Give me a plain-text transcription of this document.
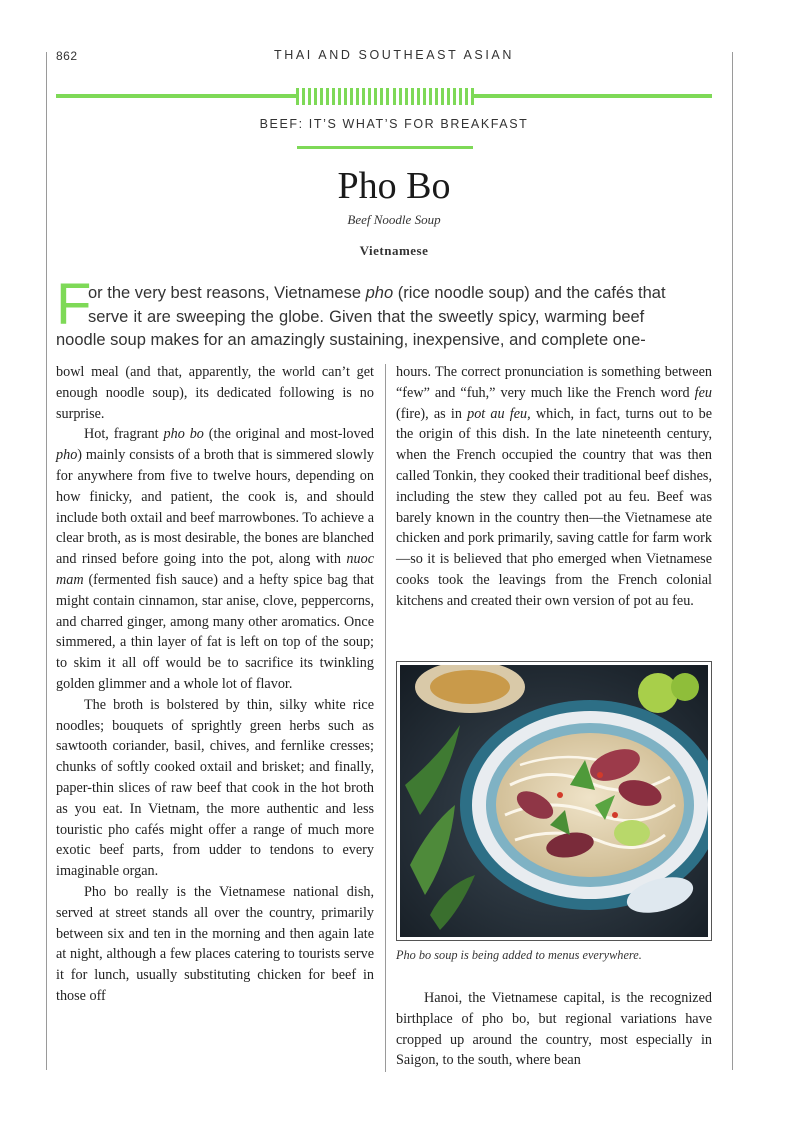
862	THAI AND SOUTHEAST ASIAN
BEEF: IT’S WHAT’S FOR BREAKFAST
Pho Bo
Beef Noodle Soup
Vietnamese
F
or the very best reasons, Vietnamese pho (rice noodle soup) and the cafés that
serve it are sweeping the globe. Given that the sweetly spicy, warming beef
noodle soup makes for an amazingly sustaining, inexpensive, and complete one-

bowl meal (and that, apparently, the world can’t get enough noodle soup), its dedicated following is no surprise.

Hot, fragrant pho bo (the original and most-loved pho) mainly consists of a broth that is simmered slowly for anywhere from five to twelve hours, depending on how finicky, and patient, the cook is, and should include both oxtail and beef marrowbones. To achieve a clear broth, as is most desirable, the bones are blanched and rinsed before going into the pot, along with nuoc mam (fermented fish sauce) and a hefty spice bag that might contain cinnamon, star anise, clove, peppercorns, and charred ginger, among many other aromatics. Once simmered, a thin layer of fat is left on top of the soup; to skim it all off would be to sacrifice its twinkling golden glimmer and a whole lot of flavor.

The broth is bolstered by thin, silky white rice noodles; bouquets of sprightly green herbs such as sawtooth coriander, basil, chives, and fernlike cresses; chunks of softly cooked oxtail and brisket; and finally, paper-thin slices of raw beef that cook in the hot broth as you eat. In Vietnam, the more authentic and less touristic pho cafés might offer a range of much more exotic beef parts, from udder to tendons to every imaginable organ.

Pho bo really is the Vietnamese national dish, served at street stands all over the country, primarily between six and ten in the morning and then again late at night, although a few places catering to tourists serve it for lunch, usually substituting chicken for beef in those off

hours. The correct pronunciation is something between “few” and “fuh,” very much like the French word feu (fire), as in pot au feu, which, in fact, turns out to be the origin of this dish. In the late nineteenth century, when the French occupied the country that was then called Tonkin, they cooked their traditional beef dishes, including the stew they called pot au feu. Beef was barely known in the country then—the Vietnamese ate chicken and pork primarily, saving cattle for farm work—so it is believed that pho emerged when Vietnamese cooks took the leavings from the French colonial kitchens and created their own version of pot au feu.

Pho bo soup is being added to menus everywhere.

Hanoi, the Vietnamese capital, is the recognized birthplace of pho bo, but regional variations have cropped up around the country, most especially in Saigon, to the south, where bean
